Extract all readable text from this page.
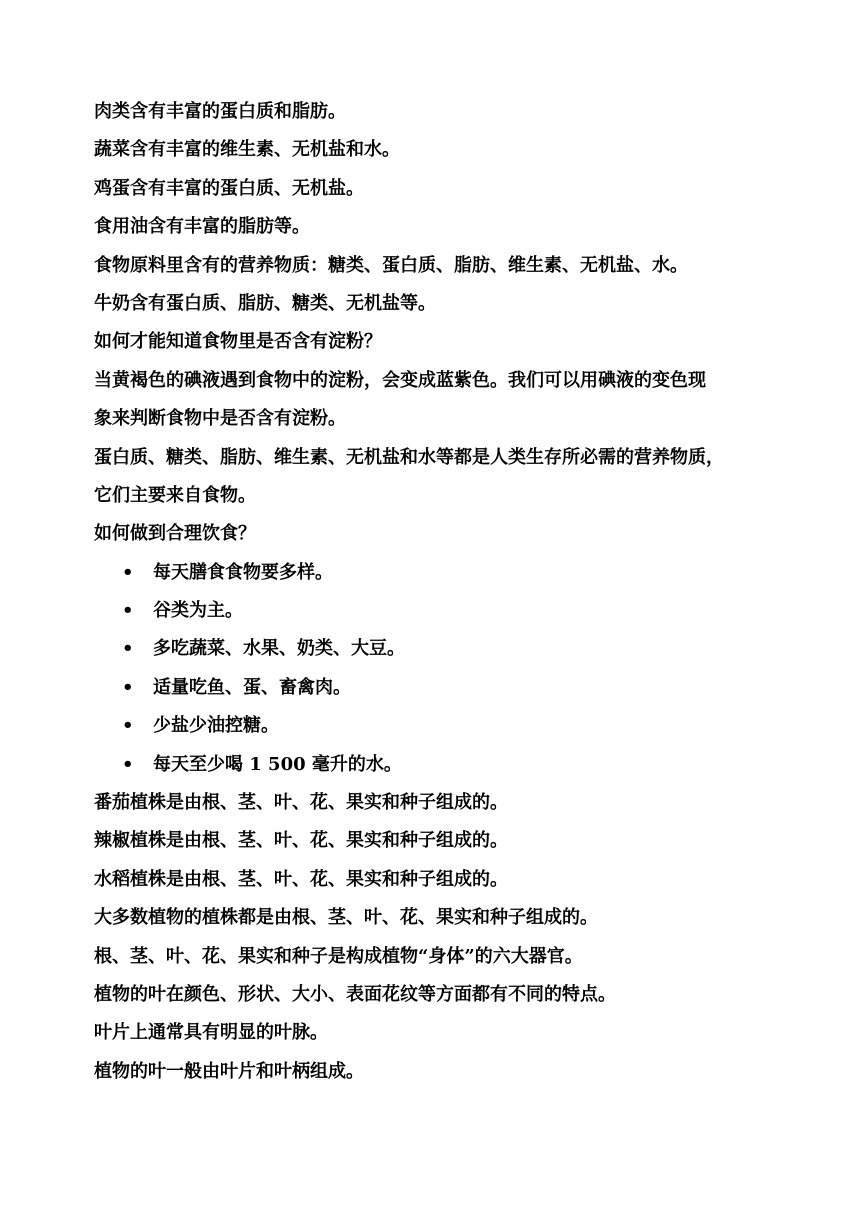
肉类含有丰富的蛋白质和脂肪。
蔬菜含有丰富的维生素、无机盐和水。
鸡蛋含有丰富的蛋白质、无机盐。
食用油含有丰富的脂肪等。
食物原料里含有的营养物质：糖类、蛋白质、脂肪、维生素、无机盐、水。
牛奶含有蛋白质、脂肪、糖类、无机盐等。
如何才能知道食物里是否含有淀粉？
当黄褐色的碘液遇到食物中的淀粉，会变成蓝紫色。我们可以用碘液的变色现
象来判断食物中是否含有淀粉。
蛋白质、糖类、脂肪、维生素、无机盐和水等都是人类生存所必需的营养物质，
它们主要来自食物。
如何做到合理饮食？
• 每天膳食食物要多样。
• 谷类为主。
• 多吃蔬菜、水果、奶类、大豆。
• 适量吃鱼、蛋、畜禽肉。
• 少盐少油控糖。
• 每天至少喝 1 500 毫升的水。
番茄植株是由根、茎、叶、花、果实和种子组成的。
辣椒植株是由根、茎、叶、花、果实和种子组成的。
水稻植株是由根、茎、叶、花、果实和种子组成的。
大多数植物的植株都是由根、茎、叶、花、果实和种子组成的。
根、茎、叶、花、果实和种子是构成植物“身体”的六大器官。
植物的叶在颜色、形状、大小、表面花纹等方面都有不同的特点。
叶片上通常具有明显的叶脉。
植物的叶一般由叶片和叶柄组成。
